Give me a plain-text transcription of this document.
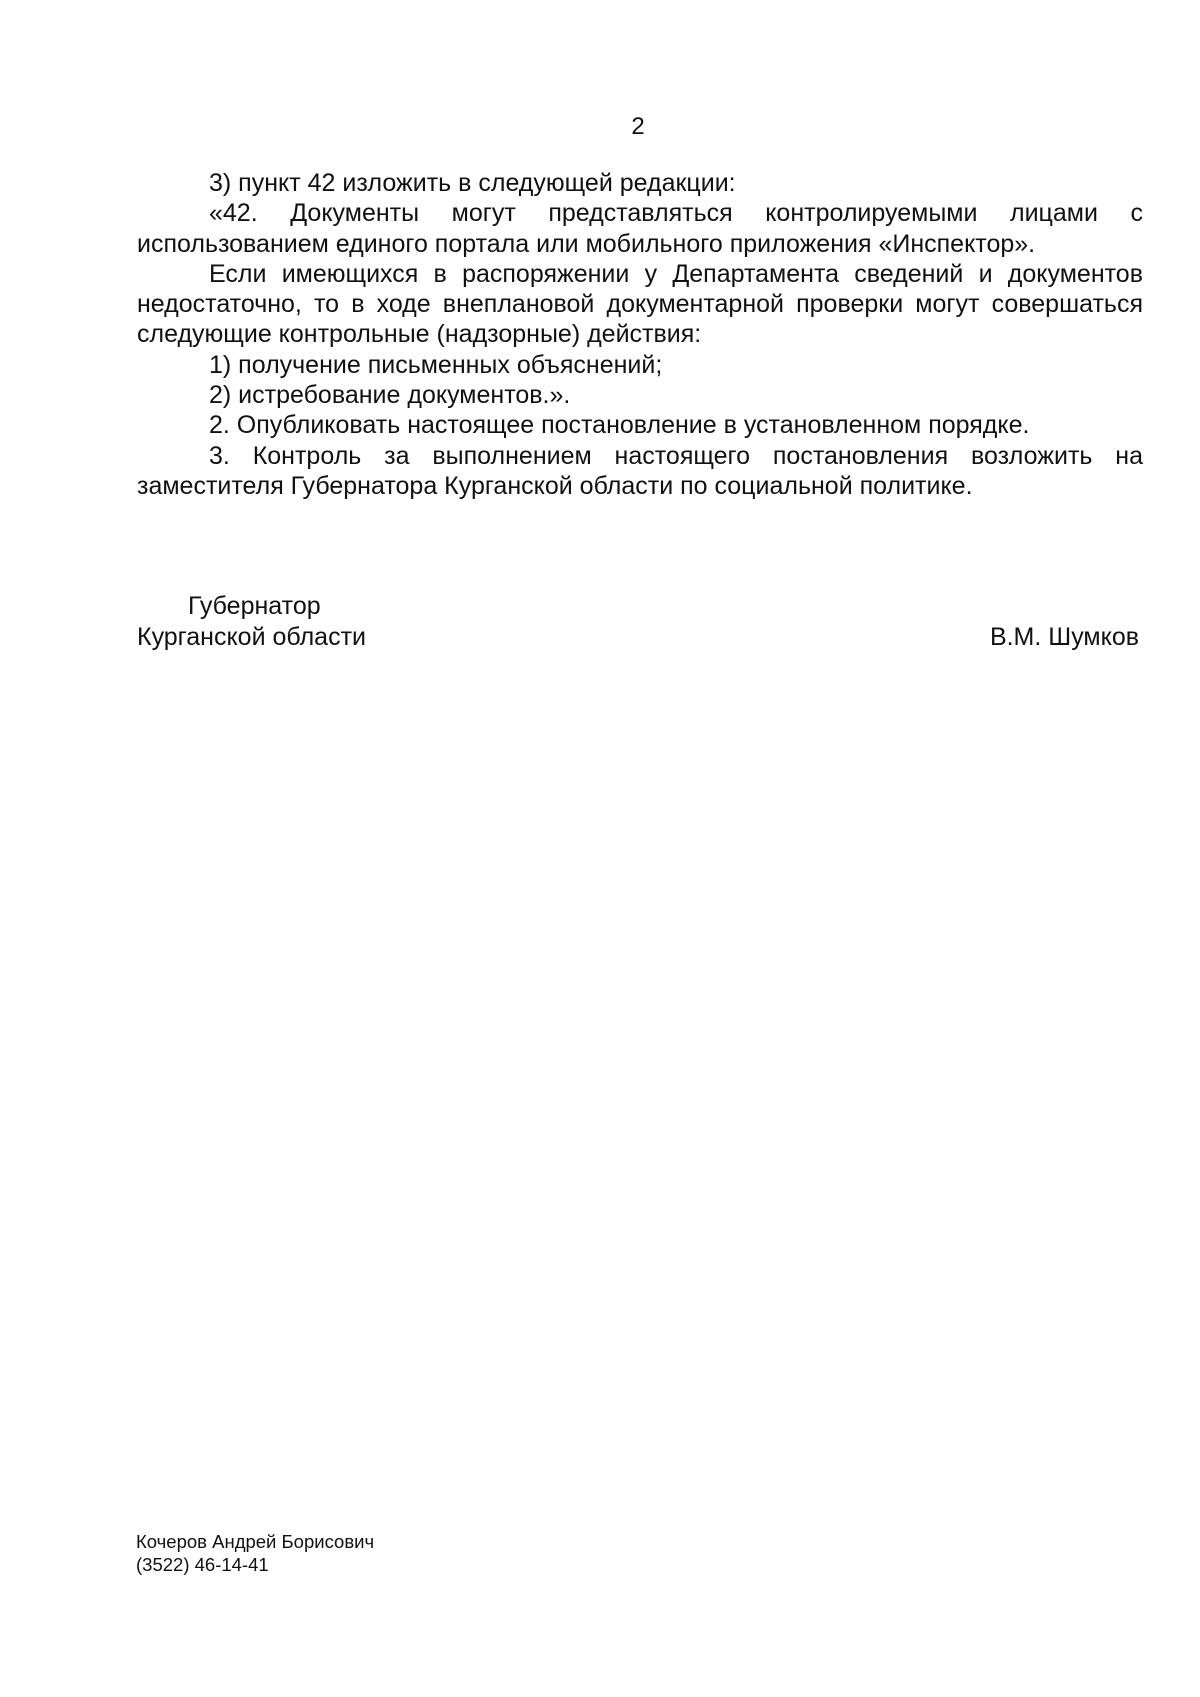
2

3) пункт 42 изложить в следующей редакции:

«42. Документы могут представляться контролируемыми лицами с использованием единого портала или мобильного приложения «Инспектор».

Если имеющихся в распоряжении у Департамента сведений и документов недостаточно, то в ходе внеплановой документарной проверки могут совершаться следующие контрольные (надзорные) действия:

1) получение письменных объяснений;

2) истребование документов.».

2. Опубликовать настоящее постановление в установленном порядке.

3. Контроль за выполнением настоящего постановления возложить на заместителя Губернатора Курганской области по социальной политике.

Губернатор
Курганской области	В.М. Шумков
Кочеров Андрей Борисович
(3522) 46-14-41
